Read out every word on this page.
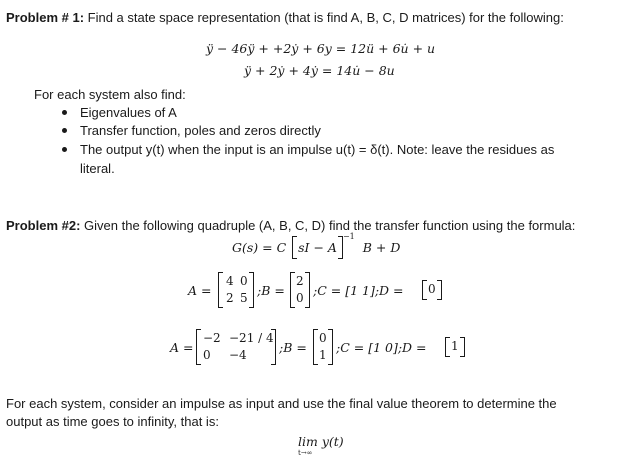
Problem # 1: Find a state space representation (that is find A, B, C, D matrices) for the following:
ÿ − 46ÿ + +2ẏ + 6y = 12ü + 6u̇ + u
ÿ + 2ẏ + 4ẏ = 14u̇ − 8u
For each system also find:
Eigenvalues of A
Transfer function, poles and zeros directly
The output y(t) when the input is an impulse u(t) = δ(t). Note: leave the residues as
literal.
Problem #2: Given the following quadruple (A, B, C, D) find the transfer function using the formula:
G(s) = C sI − A
$^{-1}$ B + D
A =
4 0
2 5 ;B =
2
0 ;C = [1 1];D = 0
A =
−2 −21 / 4
0 −4	;B =
0
1 ;C = [1 0];D = 1
For each system, consider an impulse as input and use the final value theorem to determine the
output as time goes to infinity, that is:
lim y(t)
t→∞
